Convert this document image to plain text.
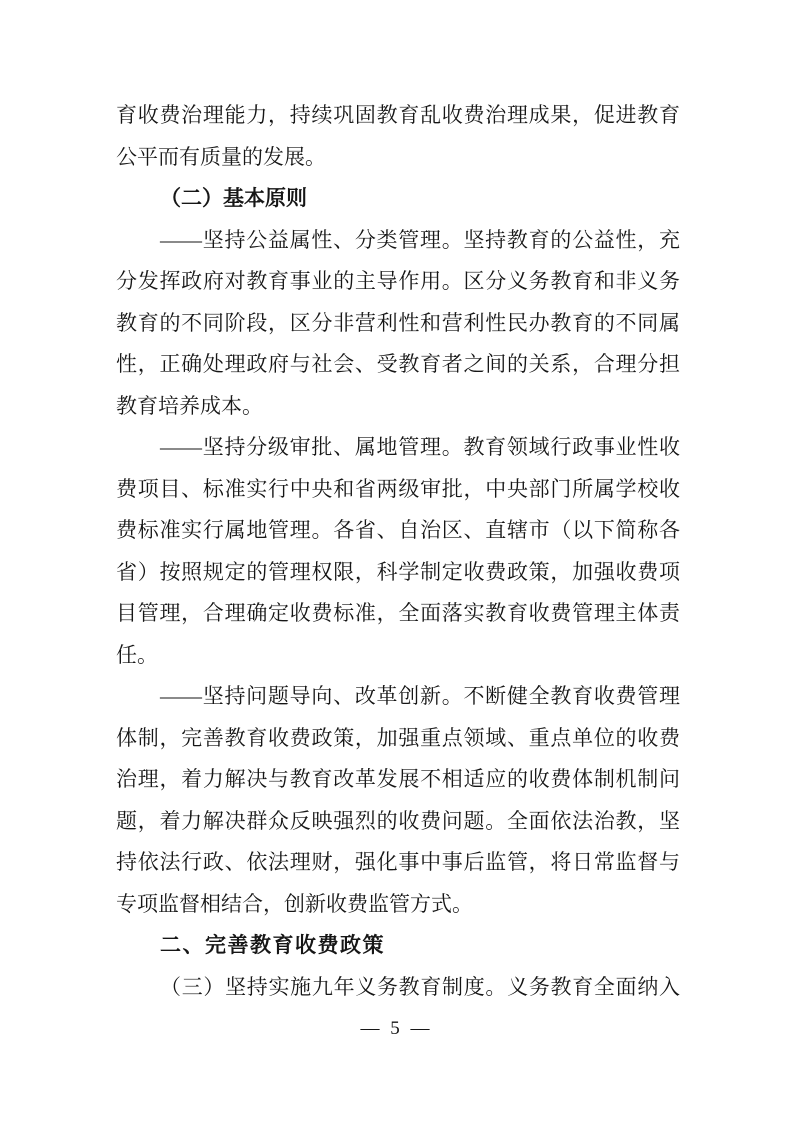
育收费治理能力，持续巩固教育乱收费治理成果，促进教育
公平而有质量的发展。
（二）基本原则
——坚持公益属性、分类管理。坚持教育的公益性，充
分发挥政府对教育事业的主导作用。区分义务教育和非义务
教育的不同阶段，区分非营利性和营利性民办教育的不同属
性，正确处理政府与社会、受教育者之间的关系，合理分担
教育培养成本。
——坚持分级审批、属地管理。教育领域行政事业性收
费项目、标准实行中央和省两级审批，中央部门所属学校收
费标准实行属地管理。各省、自治区、直辖市（以下简称各
省）按照规定的管理权限，科学制定收费政策，加强收费项
目管理，合理确定收费标准，全面落实教育收费管理主体责
任。
——坚持问题导向、改革创新。不断健全教育收费管理
体制，完善教育收费政策，加强重点领域、重点单位的收费
治理，着力解决与教育改革发展不相适应的收费体制机制问
题，着力解决群众反映强烈的收费问题。全面依法治教，坚
持依法行政、依法理财，强化事中事后监管，将日常监督与
专项监督相结合，创新收费监管方式。
二、完善教育收费政策
（三）坚持实施九年义务教育制度。义务教育全面纳入
— 5 —
